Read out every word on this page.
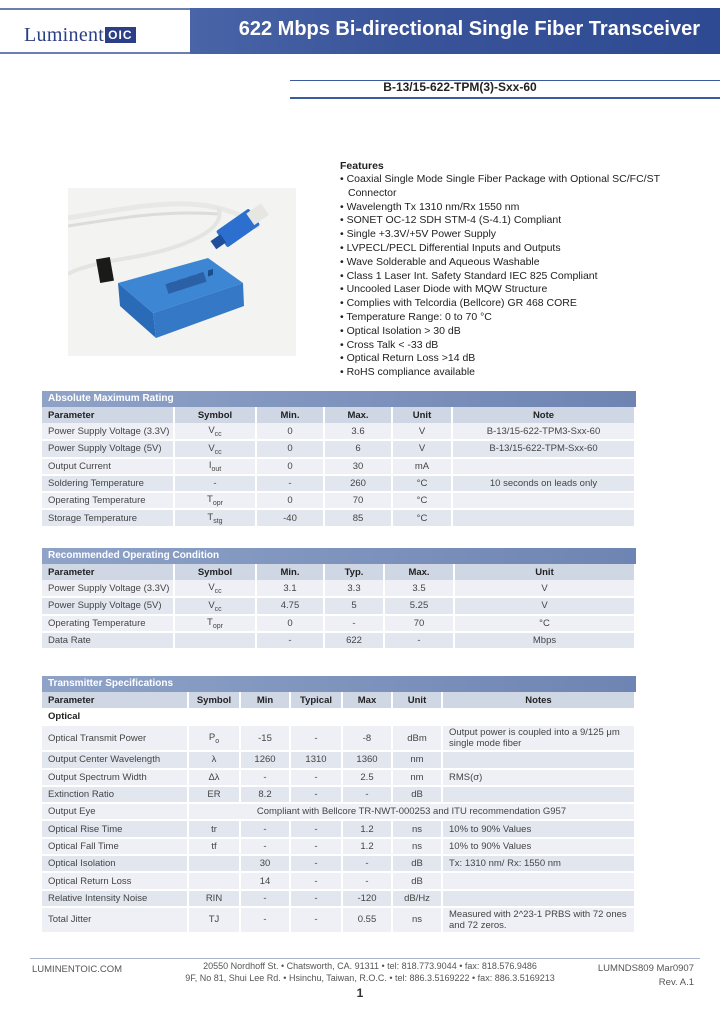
Luminent OIC	622 Mbps Bi-directional Single Fiber Transceiver
B-13/15-622-TPM(3)-Sxx-60
Features
• Coaxial Single Mode Single Fiber Package with Optional SC/FC/ST Connector
• Wavelength Tx 1310 nm/Rx 1550 nm
• SONET OC-12 SDH STM-4 (S-4.1) Compliant
• Single +3.3V/+5V Power Supply
• LVPECL/PECL Differential Inputs and Outputs
• Wave Solderable and Aqueous Washable
• Class 1 Laser Int. Safety Standard IEC 825 Compliant
• Uncooled Laser Diode with MQW Structure
• Complies with Telcordia (Bellcore) GR 468 CORE
• Temperature Range: 0 to 70 °C
• Optical Isolation > 30 dB
• Cross Talk < -33 dB
• Optical Return Loss >14 dB
• RoHS compliance available
Absolute Maximum Rating
Parameter	Symbol	Min.	Max.	Unit	Note
Power Supply Voltage (3.3V)	$V_{cc}$	0	3.6	V	B-13/15-622-TPM3-Sxx-60
Power Supply Voltage (5V)	$V_{cc}$	0	6	V	B-13/15-622-TPM-Sxx-60
Output Current	$I_{out}$	0	30	mA	
Soldering Temperature	-	-	260	°C	10 seconds on leads only
Operating Temperature	$T_{opr}$	0	70	°C	
Storage Temperature	$T_{stg}$	-40	85	°C	
Recommended Operating Condition
Parameter	Symbol	Min.	Typ.	Max.	Unit
Power Supply Voltage (3.3V)	$V_{cc}$	3.1	3.3	3.5	V
Power Supply Voltage (5V)	$V_{cc}$	4.75	5	5.25	V
Operating Temperature	$T_{opr}$	0	-	70	°C
Data Rate		-	622	-	Mbps
Transmitter Specifications
Parameter	Symbol	Min	Typical	Max	Unit	Notes
Optical						
Optical Transmit Power	$P_o$	-15	-	-8	dBm	Output power is coupled into a 9/125 μm single mode fiber
Output Center Wavelength	λ	1260	1310	1360	nm	
Output Spectrum Width	Δλ	-	-	2.5	nm	RMS(σ)
Extinction Ratio	ER	8.2	-	-	dB	
Output Eye	Compliant with Bellcore TR-NWT-000253 and ITU recommendation G957					
Optical Rise Time	tr	-	-	1.2	ns	10% to 90% Values
Optical Fall Time	tf	-	-	1.2	ns	10% to 90% Values
Optical Isolation		30	-	-	dB	Tx: 1310 nm/ Rx: 1550 nm
Optical Return Loss		14	-	-	dB	
Relative Intensity Noise	RIN	-	-	-120	dB/Hz	
Total Jitter	TJ	-	-	0.55	ns	Measured with 2^23-1 PRBS with 72 ones and 72 zeros.
LUMINENTOIC.COM	20550 Nordhoff St. • Chatsworth, CA. 91311 • tel: 818.773.9044 • fax: 818.576.9486
9F, No 81, Shui Lee Rd. • Hsinchu, Taiwan, R.O.C. • tel: 886.3.5169222 • fax: 886.3.5169213
LUMNDS809 Mar0907
Rev. A.1
1
